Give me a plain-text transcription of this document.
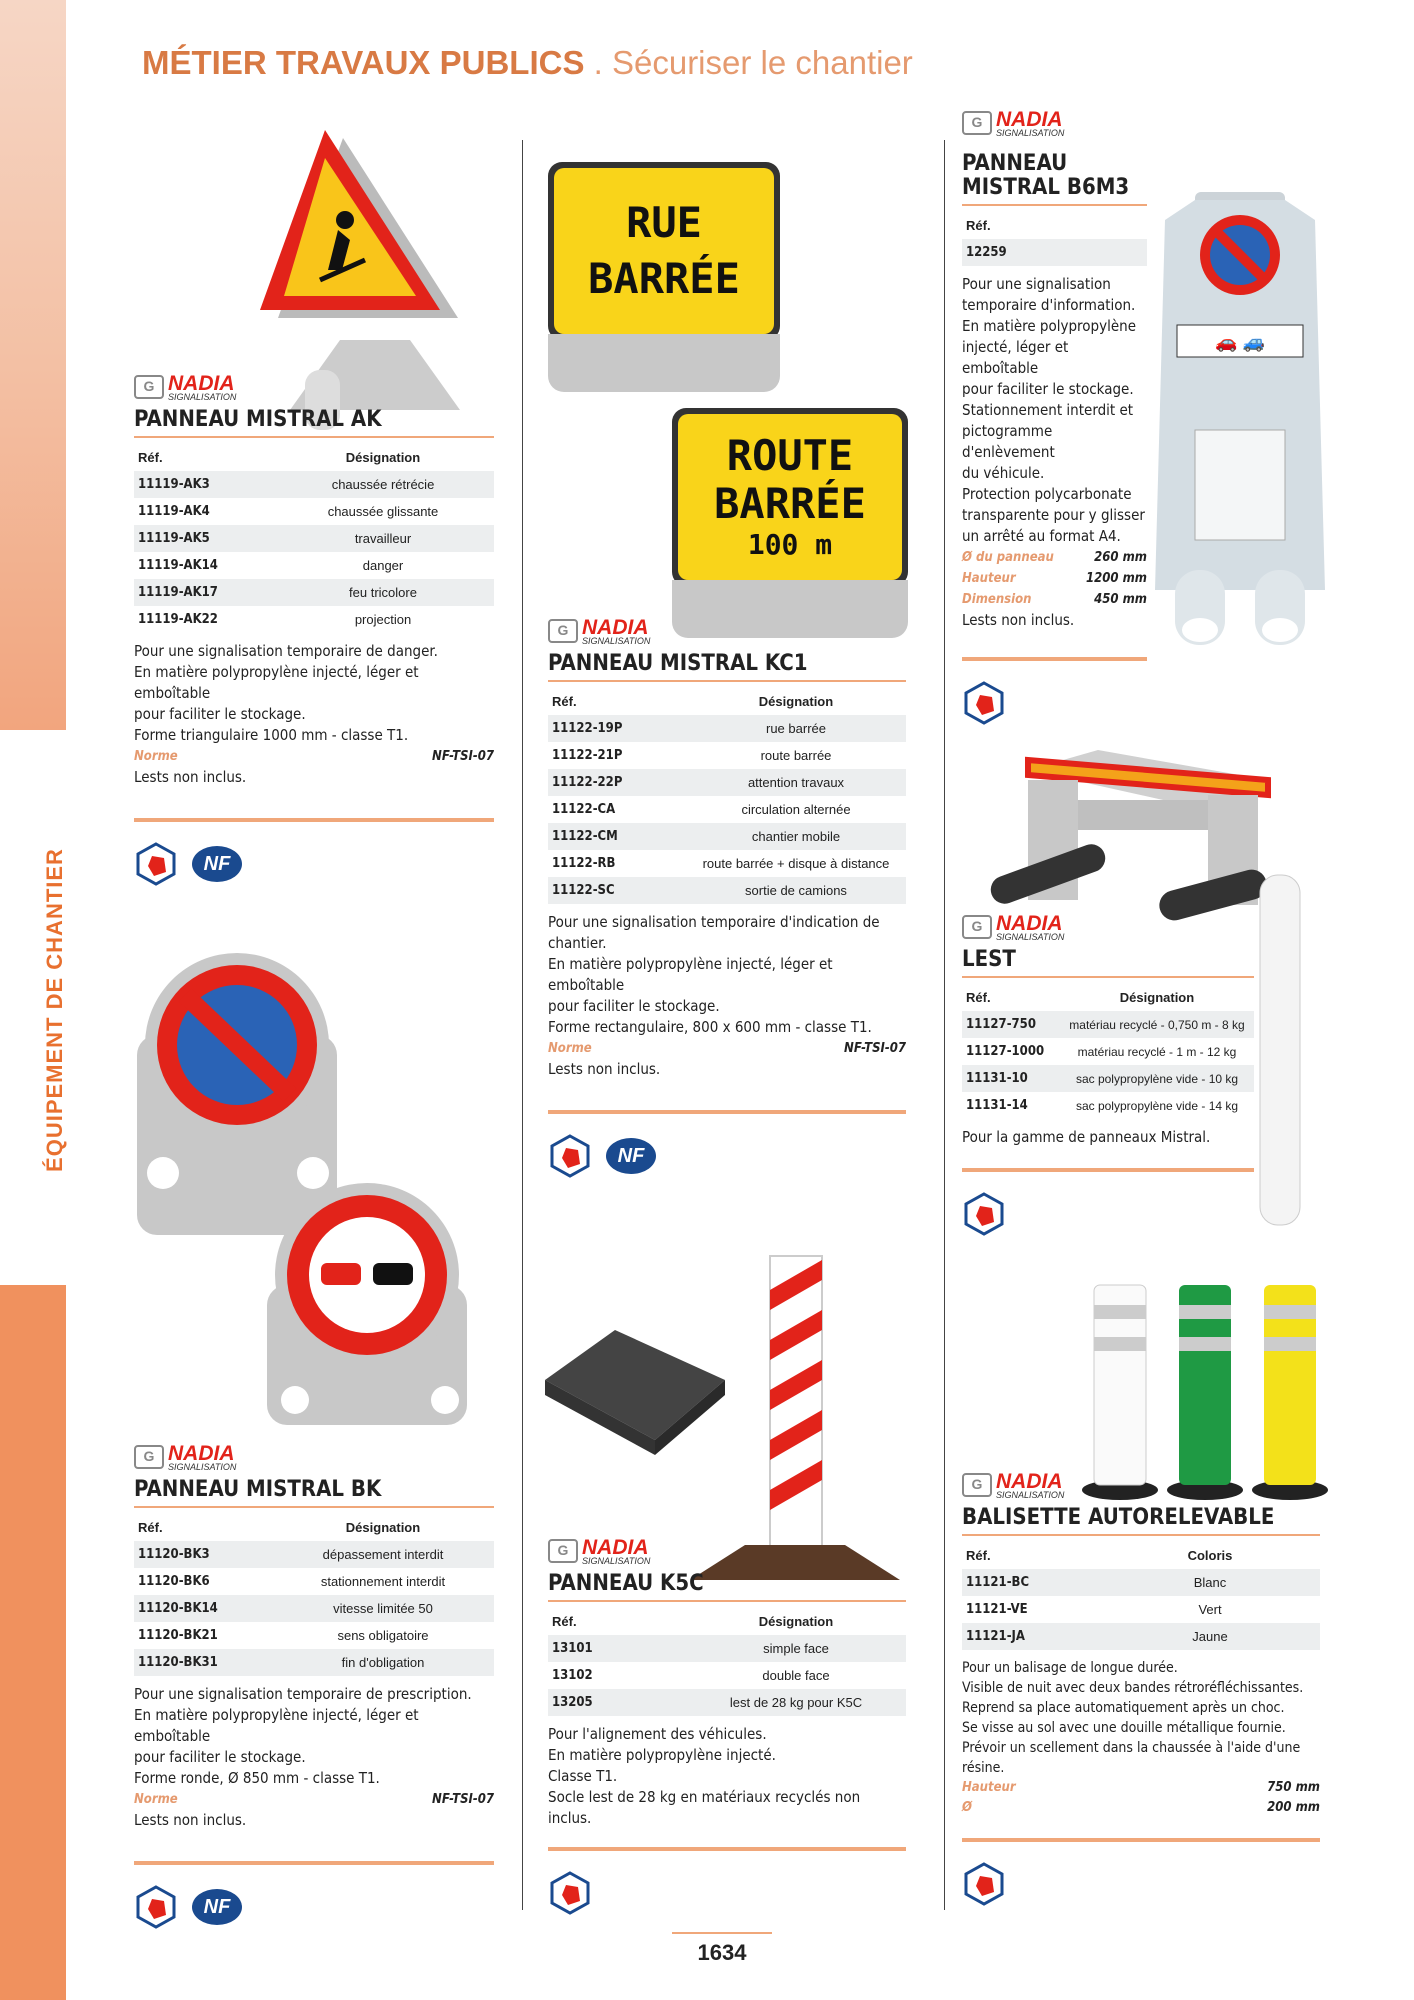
ÉQUIPEMENT DE CHANTIER
MÉTIER TRAVAUX PUBLICS . Sécuriser le chantier
G NADIA
SIGNALISATION
PANNEAU MISTRAL AK
Réf.	Désignation
11119-AK3	chaussée rétrécie
11119-AK4	chaussée glissante
11119-AK5	travailleur
11119-AK14	danger
11119-AK17	feu tricolore
11119-AK22	projection
Pour une signalisation temporaire de danger.
En matière polypropylène injecté, léger et emboîtable
pour faciliter le stockage.
Forme triangulaire 1000 mm - classe T1.
Norme	NF-TSI-07
Lests non inclus.
NF
G NADIA
SIGNALISATION
PANNEAU MISTRAL BK
Réf.	Désignation
11120-BK3	dépassement interdit
11120-BK6	stationnement interdit
11120-BK14	vitesse limitée 50
11120-BK21	sens obligatoire
11120-BK31	fin d'obligation
Pour une signalisation temporaire de prescription.
En matière polypropylène injecté, léger et emboîtable
pour faciliter le stockage.
Forme ronde, Ø 850 mm - classe T1.
Norme	NF-TSI-07
Lests non inclus.
NF
RUE
BARRÉE
ROUTE
BARRÉE
100 m
G NADIA
SIGNALISATION
PANNEAU MISTRAL KC1
Réf.	Désignation
11122-19P	rue barrée
11122-21P	route barrée
11122-22P	attention travaux
11122-CA	circulation alternée
11122-CM	chantier mobile
11122-RB	route barrée + disque à distance
11122-SC	sortie de camions
Pour une signalisation temporaire d'indication de
chantier.
En matière polypropylène injecté, léger et emboîtable
pour faciliter le stockage.
Forme rectangulaire, 800 x 600 mm - classe T1.
Norme	NF-TSI-07
Lests non inclus.
NF
G NADIA
SIGNALISATION
PANNEAU K5C
Réf.	Désignation
13101	simple face
13102	double face
13205	lest de 28 kg pour K5C
Pour l'alignement des véhicules.
En matière polypropylène injecté.
Classe T1.
Socle lest de 28 kg en matériaux recyclés non inclus.
G NADIA
SIGNALISATION
PANNEAU
MISTRAL B6M3
Réf.
12259
Pour une signalisation
temporaire d'information.
En matière polypropylène
injecté, léger et emboîtable
pour faciliter le stockage.
Stationnement interdit et
pictogramme d'enlèvement
du véhicule.
Protection polycarbonate
transparente pour y glisser
un arrêté au format A4.
Ø du panneau	260 mm
Hauteur	1200 mm
Dimension	450 mm
Lests non inclus.
🚗 🚙
G NADIA
SIGNALISATION
LEST
Réf.	Désignation
11127-750	matériau recyclé - 0,750 m - 8 kg
11127-1000	matériau recyclé - 1 m - 12 kg
11131-10	sac polypropylène vide - 10 kg
11131-14	sac polypropylène vide - 14 kg
Pour la gamme de panneaux Mistral.
G NADIA
SIGNALISATION
BALISETTE AUTORELEVABLE
Réf.	Coloris
11121-BC	Blanc
11121-VE	Vert
11121-JA	Jaune
Pour un balisage de longue durée.
Visible de nuit avec deux bandes rétroréfléchissantes.
Reprend sa place automatiquement après un choc.
Se visse au sol avec une douille métallique fournie.
Prévoir un scellement dans la chaussée à l'aide d'une résine.
Hauteur	750 mm
Ø	200 mm
1634
